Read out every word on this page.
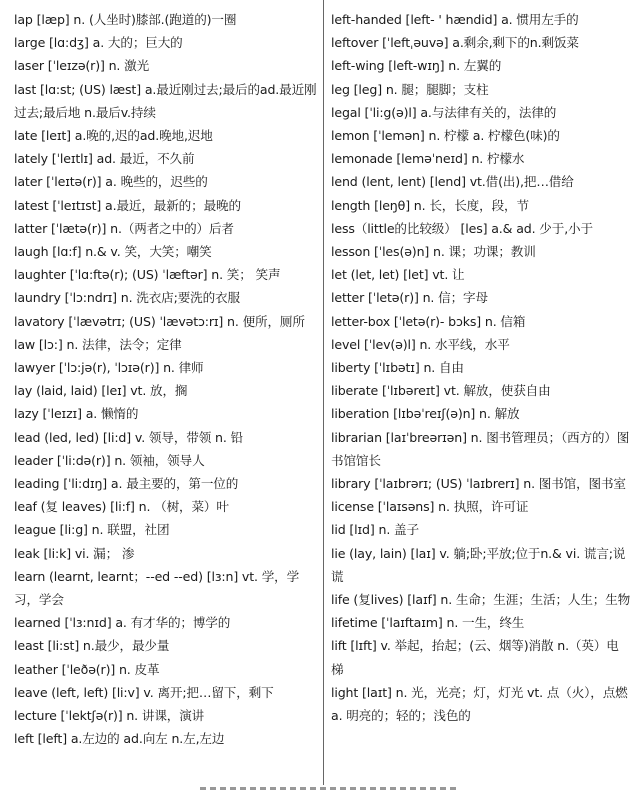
lap [læp] n. (人坐时)膝部.(跑道的)一圈
large [lɑ:dʒ] a. 大的；巨大的
laser [ˈleɪzə(r)] n. 激光
last [lɑ:st; (US) læst] a.最近刚过去;最后的ad.最近刚过去;最后地 n.最后v.持续
late [leɪt] a.晚的,迟的ad.晚地,迟地
lately [ˈleɪtlɪ] ad. 最近，不久前
later [ˈleɪtə(r)] a. 晚些的，迟些的
latest [ˈleɪtɪst] a.最近，最新的；最晚的
latter [ˈlætə(r)] n.（两者之中的）后者
laugh [lɑ:f] n.& v. 笑，大笑；嘲笑
laughter [ˈlɑ:ftə(r); (US) ˈlæftər] n. 笑； 笑声
laundry [ˈlɔ:ndrɪ] n. 洗衣店;要洗的衣服
lavatory [ˈlævətrɪ; (US) ˈlævətɔ:rɪ] n. 便所，厕所
law [lɔ:] n. 法律，法令；定律
lawyer [ˈlɔ:jə(r), ˈlɔɪə(r)] n. 律师
lay (laid, laid) [leɪ] vt. 放，搁
lazy [ˈleɪzɪ] a. 懒惰的
lead (led, led) [li:d] v. 领导，带领 n. 铅
leader [ˈli:də(r)] n. 领袖，领导人
leading [ˈli:dɪŋ] a. 最主要的，第一位的
leaf (复 leaves) [li:f] n. （树，菜）叶
league [li:g] n. 联盟，社团
leak [li:k] vi. 漏； 渗
learn (learnt, learnt；--ed --ed) [lɜ:n] vt. 学，学习，学会
learned [ˈlɜ:nɪd] a. 有才华的；博学的
least [li:st] n.最少，最少量
leather [ˈleðə(r)] n. 皮革
leave (left, left) [li:v] v. 离开;把…留下，剩下
lecture [ˈlektʃə(r)] n. 讲课，演讲
left [left] a.左边的 ad.向左 n.左,左边
left-handed [left- ' hændid] a. 惯用左手的
leftover [ˈleftˌəuvə] a.剩余,剩下的n.剩饭菜
left-wing [left-wɪŋ] n. 左翼的
leg [leg] n. 腿；腿脚；支柱
legal [ˈli:g(ə)l] a.与法律有关的，法律的
lemon [ˈlemən] n. 柠檬 a. 柠檬色(味)的
lemonade [leməˈneɪd] n. 柠檬水
lend (lent, lent) [lend] vt.借(出),把…借给
length [leŋθ] n. 长，长度，段，节
less（little的比较级） [les] a.& ad. 少于,小于
lesson [ˈles(ə)n] n. 课；功课；教训
let (let, let) [let] vt. 让
letter [ˈletə(r)] n. 信；字母
letter-box [ˈletə(r)- bɔks] n. 信箱
level [ˈlev(ə)l] n. 水平线，水平
liberty [ˈlɪbətɪ] n. 自由
liberate [ˈlɪbəreɪt] vt. 解放，使获自由
liberation [lɪbəˈreɪʃ(ə)n] n. 解放
librarian [laɪˈbreərɪən] n. 图书管理员；（西方的）图书馆馆长
library [ˈlaɪbrərɪ; (US) ˈlaɪbrerɪ] n. 图书馆，图书室
license [ˈlaɪsəns] n. 执照，许可证
lid [lɪd] n. 盖子
lie (lay, lain) [laɪ] v. 躺;卧;平放;位于n.& vi. 谎言;说谎
life (复lives) [laɪf] n. 生命；生涯；生活；人生；生物
lifetime [ˈlaɪftaɪm] n. 一生，终生
lift [lɪft] v. 举起，抬起；(云、烟等)消散 n.（英）电梯
light [laɪt] n. 光，光亮；灯，灯光 vt. 点（火），点燃 a. 明亮的；轻的；浅色的
